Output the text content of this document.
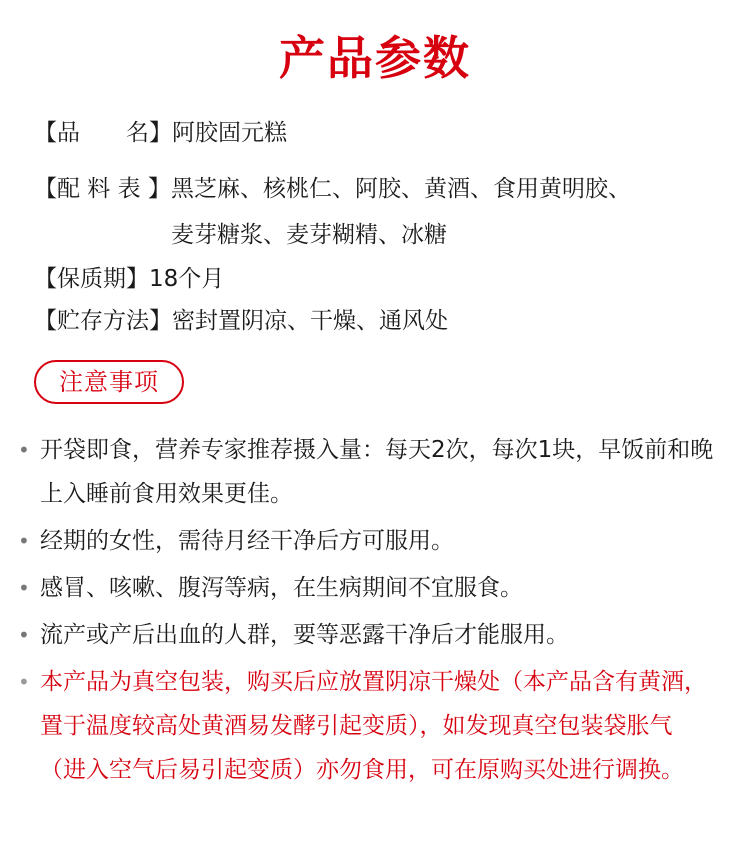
产品参数
【品　　名】 阿胶固元糕
【配 料 表 】 黑芝麻、核桃仁、阿胶、黄酒、食用黄明胶、
麦芽糖浆、麦芽糊精、冰糖
【保质期】 18个月
【贮存方法】 密封置阴凉、干燥、通风处
注意事项
• 开袋即食，营养专家推荐摄入量：每天2次，每次1块，早饭前和晚上入睡前食用效果更佳。
• 经期的女性，需待月经干净后方可服用。
• 感冒、咳嗽、腹泻等病，在生病期间不宜服食。
• 流产或产后出血的人群，要等恶露干净后才能服用。
• 本产品为真空包装，购买后应放置阴凉干燥处（本产品含有黄酒，置于温度较高处黄酒易发酵引起变质），如发现真空包装袋胀气（进入空气后易引起变质）亦勿食用，可在原购买处进行调换。
